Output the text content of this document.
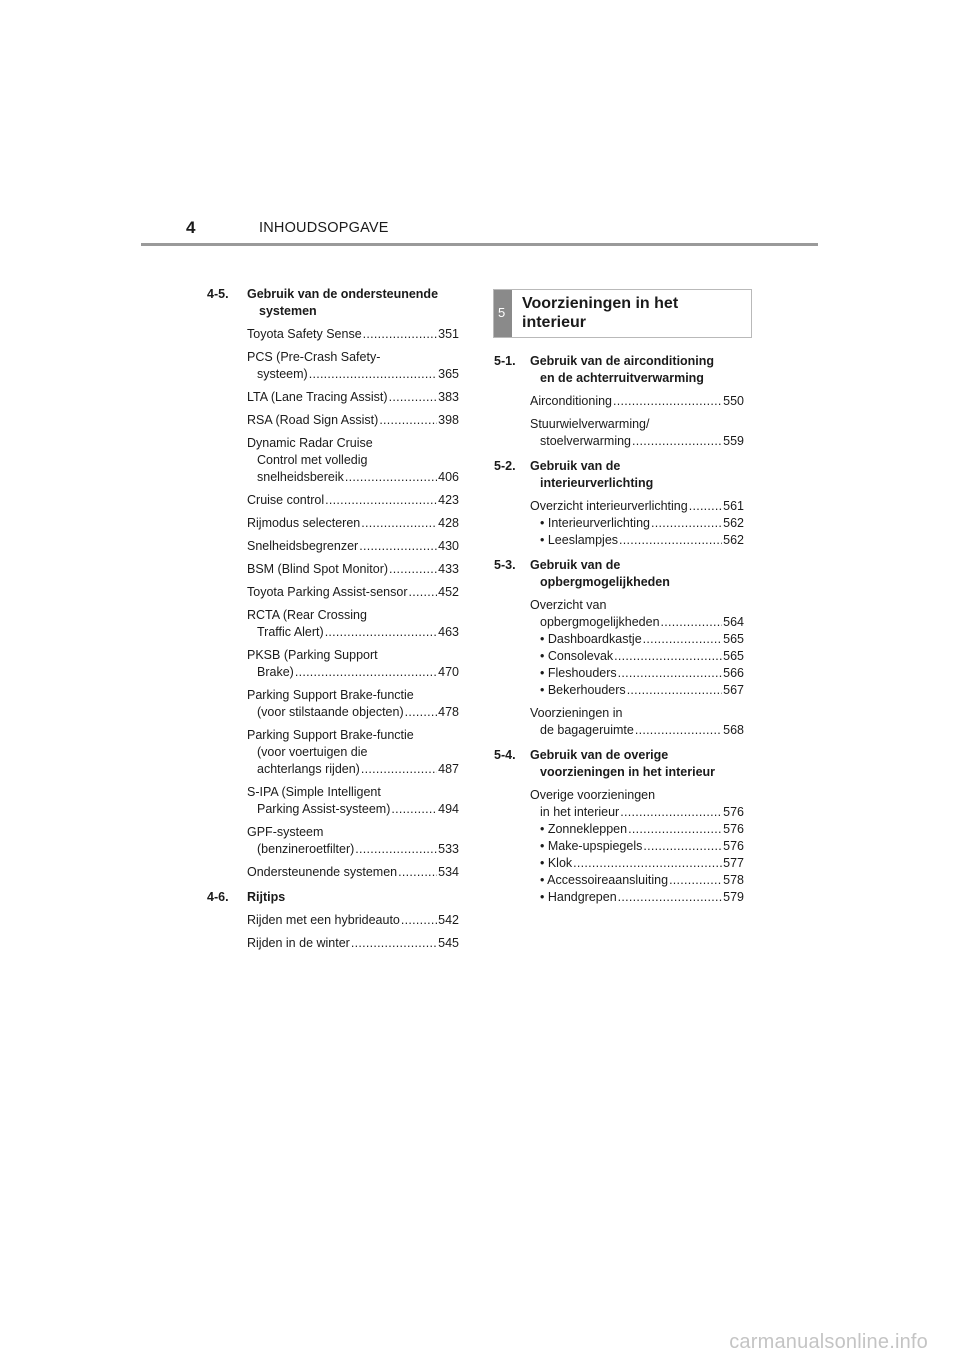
4	INHOUDSOPGAVE
4-5. Gebruik van de ondersteunende
systemen
Toyota Safety Sense . . .	351
PCS (Pre-Crash Safety-
systeem) . . .	365
LTA (Lane Tracing Assist) . . .	383
RSA (Road Sign Assist) . . .	398
Dynamic Radar Cruise
Control met volledig
snelheidsbereik . . .	406
Cruise control . . .	423
Rijmodus selecteren . . .	428
Snelheidsbegrenzer . . .	430
BSM (Blind Spot Monitor) . . .	433
Toyota Parking Assist-sensor . . . 452
RCTA (Rear Crossing
Traffic Alert) . . .	463
PKSB (Parking Support
Brake) . . .	470
Parking Support Brake-functie
(voor stilstaande objecten) . . .	478
Parking Support Brake-functie
(voor voertuigen die
achterlangs rijden) . . .	487
S-IPA (Simple Intelligent
Parking Assist-systeem) . . .	494
GPF-systeem
(benzineroetfilter) . . .	533
Ondersteunende systemen . . .	534
4-6. Rijtips
Rijden met een hybrideauto . . .	542
Rijden in de winter . . .	545
5
Voorzieningen in het
interieur
5-1. Gebruik van de airconditioning
en de achterruitverwarming
Airconditioning . . .	550
Stuurwielverwarming/
stoelverwarming . . .	559
5-2. Gebruik van de
interieurverlichting
Overzicht interieurverlichting . . .	561
• Interieurverlichting . . .	562
• Leeslampjes . . .	562
5-3. Gebruik van de
opbergmogelijkheden
Overzicht van
opbergmogelijkheden . . .	564
• Dashboardkastje . . .	565
• Consolevak . . .	565
• Fleshouders . . .	566
• Bekerhouders . . .	567
Voorzieningen in
de bagageruimte . . .	568
5-4. Gebruik van de overige
voorzieningen in het interieur
Overige voorzieningen
in het interieur . . .	576
• Zonnekleppen . . .	576
• Make-upspiegels . . .	576
• Klok . . .	577
• Accessoireaansluiting . . .	578
• Handgrepen . . .	579
carmanualsonline.info
